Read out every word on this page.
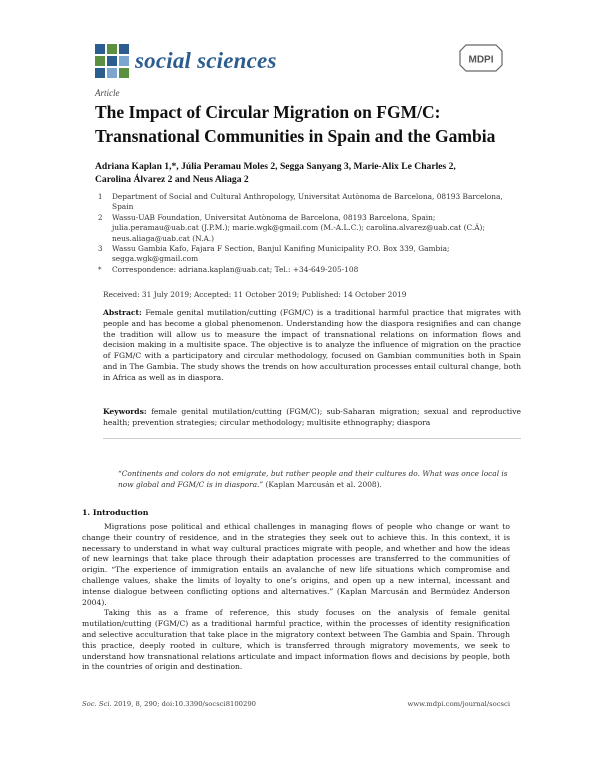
social sciences	MDPI
Article
The Impact of Circular Migration on FGM/C: Transnational Communities in Spain and the Gambia
Adriana Kaplan 1,*, Júlia Peramau Moles 2, Segga Sanyang 3, Marie-Alix Le Charles 2,
Carolina Álvarez 2 and Neus Aliaga 2
1 Department of Social and Cultural Anthropology, Universitat Autònoma de Barcelona, 08193 Barcelona, Spain
2 Wassu-UAB Foundation, Universitat Autònoma de Barcelona, 08193 Barcelona, Spain; julia.peramau@uab.cat (J.P.M.); marie.wgk@gmail.com (M.-A.L.C.); carolina.alvarez@uab.cat (C.Á); neus.aliaga@uab.cat (N.A.)
3 Wassu Gambia Kafo, Fajara F Section, Banjul Kanifing Municipality P.O. Box 339, Gambia; segga.wgk@gmail.com
* Correspondence: adriana.kaplan@uab.cat; Tel.: +34-649-205-108
Received: 31 July 2019; Accepted: 11 October 2019; Published: 14 October 2019
Abstract: Female genital mutilation/cutting (FGM/C) is a traditional harmful practice that migrates with people and has become a global phenomenon. Understanding how the diaspora resignifies and can change the tradition will allow us to measure the impact of transnational relations on information flows and decision making in a multisite space. The objective is to analyze the influence of migration on the practice of FGM/C with a participatory and circular methodology, focused on Gambian communities both in Spain and in The Gambia. The study shows the trends on how acculturation processes entail cultural change, both in Africa as well as in diaspora.
Keywords: female genital mutilation/cutting (FGM/C); sub-Saharan migration; sexual and reproductive health; prevention strategies; circular methodology; multisite ethnography; diaspora
“Continents and colors do not emigrate, but rather people and their cultures do. What was once local is now global and FGM/C is in diaspora.” (Kaplan Marcusán et al. 2008).
1. Introduction

Migrations pose political and ethical challenges in managing flows of people who change or want to change their country of residence, and in the strategies they seek out to achieve this. In this context, it is necessary to understand in what way cultural practices migrate with people, and whether and how the ideas of new learnings that take place through their adaptation processes are transferred to the communities of origin. “The experience of immigration entails an avalanche of new life situations which compromise and challenge values, shake the limits of loyalty to one’s origins, and open up a new internal, incessant and intense dialogue between conflicting options and alternatives.” (Kaplan Marcusán and Bermúdez Anderson 2004).

Taking this as a frame of reference, this study focuses on the analysis of female genital mutilation/cutting (FGM/C) as a traditional harmful practice, within the processes of identity resignification and selective acculturation that take place in the migratory context between The Gambia and Spain. Through this practice, deeply rooted in culture, which is transferred through migratory movements, we seek to understand how transnational relations articulate and impact information flows and decisions by people, both in the countries of origin and destination.

Soc. Sci. 2019, 8, 290; doi:10.3390/socsci8100290	www.mdpi.com/journal/socsci
